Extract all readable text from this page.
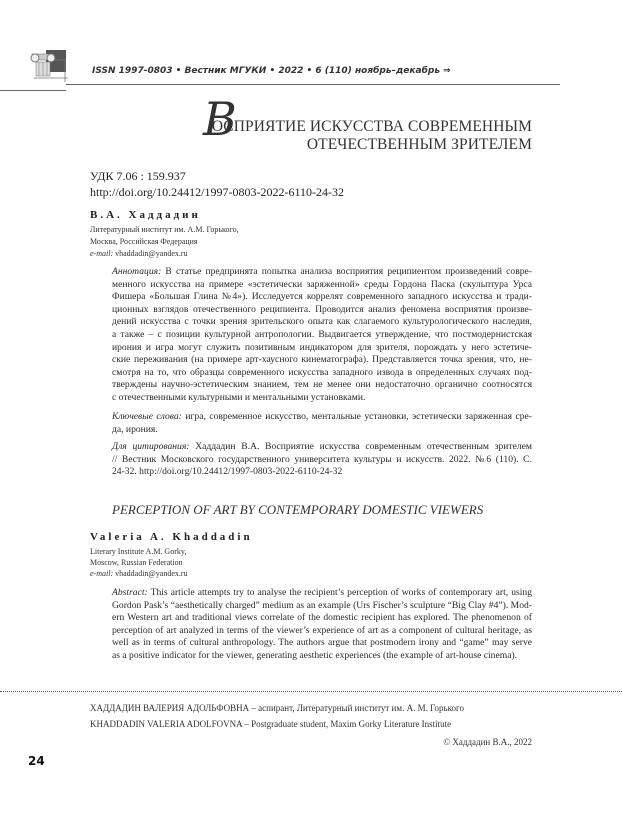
ISSN 1997-0803 • Вестник МГУКИ • 2022 • 6 (110) ноябрь–декабрь ⇒
В
ОСПРИЯТИЕ ИСКУССТВА СОВРЕМЕННЫМ
ОТЕЧЕСТВЕННЫМ ЗРИТЕЛЕМ
УДК 7.06 : 159.937
http://doi.org/10.24412/1997-0803-2022-6110-24-32
В.А. Хаддадин
Литературный институт им. А.М. Горького,
Москва, Российская Федерация
e-mail: vhaddadin@yandex.ru
Аннотация: В статье предпринята попытка анализа восприятия реципиентом произведений совре-
менного искусства на примере «эстетически заряженной» среды Гордона Паска (скульптура Урса
Фишера «Большая Глина №4»). Исследуется коррелят современного западного искусства и тради-
ционных взглядов отечественного реципиента. Проводится анализ феномена восприятия произве-
дений искусства с точки зрения зрительского опыта как слагаемого культурологического наследия,
а также – с позиции культурной антропологии. Выдвигается утверждение, что постмодернистская
ирония и игра могут служить позитивным индикатором для зрителя, порождать у него эстетиче-
ские переживания (на примере арт-хаусного кинематографа). Представляется точка зрения, что, не-
смотря на то, что образцы современного искусства западного извода в определенных случаях под-
тверждены научно-эстетическим знанием, тем не менее они недостаточно органично соотносятся
с отечественными культурными и ментальными установками.
Ключевые слова: игра, современное искусство, ментальные установки, эстетически заряженная сре-
да, ирония.
Для цитирования: Хаддадин В.А. Восприятие искусства современным отечественным зрителем
// Вестник Московского государственного университета культуры и искусств. 2022. №6 (110). С.
24-32. http://doi.org/10.24412/1997-0803-2022-6110-24-32
PERCEPTION OF ART BY CONTEMPORARY DOMESTIC VIEWERS
Valeria A. Khaddadin
Literary Institute A.M. Gorky,
Moscow, Russian Federation
e-mail: vhaddadin@yandex.ru
Abstract: This article attempts try to analyse the recipient’s perception of works of contemporary art, using
Gordon Pask’s “aesthetically charged” medium as an example (Urs Fischer’s sculpture “Big Clay #4”). Mod-
ern Western art and traditional views correlate of the domestic recipient has explored. The phenomenon of
perception of art analyzed in terms of the viewer’s experience of art as a component of cultural heritage, as
well as in terms of cultural anthropology. The authors argue that postmodern irony and “game” may serve
as a positive indicator for the viewer, generating aesthetic experiences (the example of art-house cinema).
ХАДДАДИН ВАЛЕРИЯ АДОЛЬФОВНА – аспирант, Литературный институт им. А. М. Горького
KHADDADIN VALERIA ADOLFOVNA – Postgraduate student, Maxim Gorky Literature Institute
© Хаддадин В.А., 2022
24
